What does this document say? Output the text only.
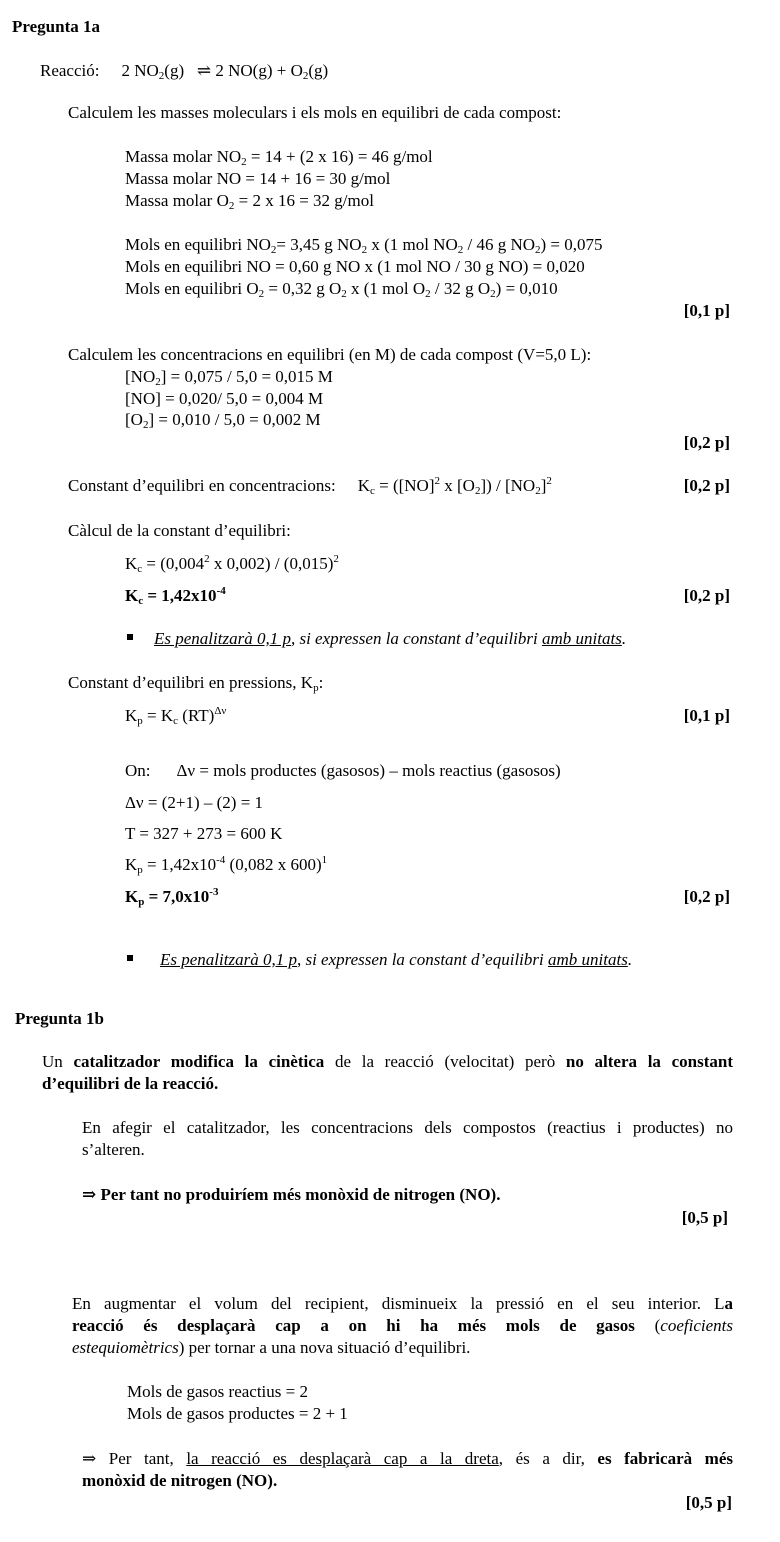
Pregunta 1a
Reacció: 2 $NO_2(g)$ ⇌ 2 $NO(g) + O_2(g)$
Calculem les masses moleculars i els mols en equilibri de cada compost:
Massa molar $NO_2 = 14 + (2$ x 16) = 46 g/mol
Massa molar NO = 14 + 16 = 30 g/mol
Massa molar $O_2 = 2$ x 16 = 32 g/mol
Mols en equilibri $NO_2= 3,45$ g $NO_2$ x (1 mol $NO_2 / 46$ g $NO_2) = 0,075$
Mols en equilibri NO = 0,60 g NO x (1 mol NO / 30 g NO) = 0,020
Mols en equilibri $O_2 = 0,32$ g $O_2$ x (1 mol $O_2 / 32$ g $O_2) = 0,010$
[0,1 p]
Calculem les concentracions en equilibri (en M) de cada compost (V=5,0 L):
$[NO_2] = 0,075 / 5,0 = 0,015$ M
[NO] = 0,020/ 5,0 = 0,004 M
$[O_2] = 0,010 / 5,0 = 0,002$ M
[0,2 p]
Constant d’equilibri en concentracions: $K_c = ([NO]^2$ x $[O_2]) / [NO_2]^2$	[0,2 p]
Càlcul de la constant d’equilibri:
$K_c = (0,004^2$ x $0,002) / (0,015)^2$
$K_c = 1,42x10^{-4}$	[0,2 p]
Es penalitzarà 0,1 p, si expressen la constant d’equilibri amb unitats.
Constant d’equilibri en pressions, $K_p$:
$K_p = K_c$ (RT)$^{\Delta\nu}$	[0,1 p]
On: Δν = mols productes (gasosos) – mols reactius (gasosos)
Δν = (2+1) – (2) = 1
T = 327 + 273 = 600 K
$K_p = 1,42x10^{-4}$ (0,082 x 600)$^1$
$K_p = 7,0x10^{-3}$	[0,2 p]
Es penalitzarà 0,1 p, si expressen la constant d’equilibri amb unitats.
Pregunta 1b
Un catalitzador modifica la cinètica de la reacció (velocitat) però no altera la constant
d’equilibri de la reacció.
En afegir el catalitzador, les concentracions dels compostos (reactius i productes) no
s’alteren.
⇒ Per tant no produiríem més monòxid de nitrogen (NO).
[0,5 p]
En augmentar el volum del recipient, disminueix la pressió en el seu interior. La
reacció és desplaçarà cap a on hi ha més mols de gasos (coeficients
estequiomètrics) per tornar a una nova situació d’equilibri.
Mols de gasos reactius = 2
Mols de gasos productes = 2 + 1
⇒ Per tant, la reacció es desplaçarà cap a la dreta, és a dir, es fabricarà més
monòxid de nitrogen (NO).
[0,5 p]
